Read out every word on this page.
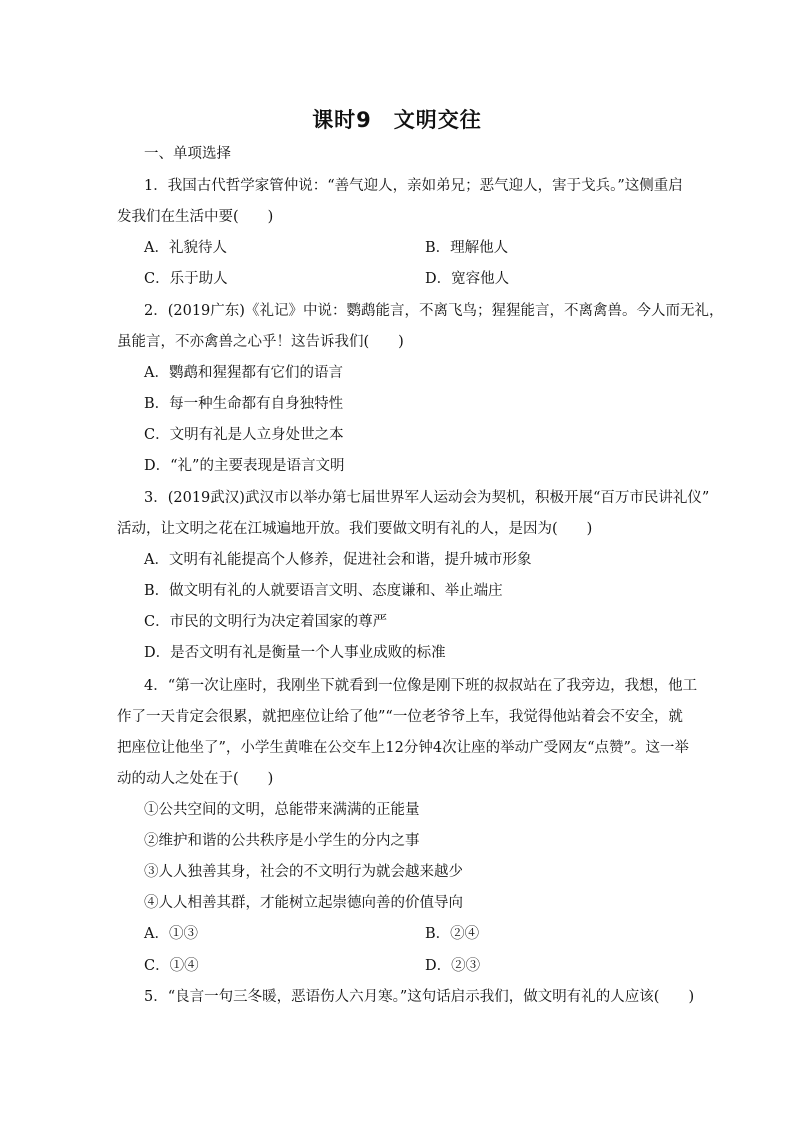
课时9　文明交往
一、单项选择
1．我国古代哲学家管仲说：“善气迎人，亲如弟兄；恶气迎人，害于戈兵。”这侧重启
发我们在生活中要(　　)
A．礼貌待人	B．理解他人
C．乐于助人	D．宽容他人
2．(2019广东)《礼记》中说：鹦鹉能言，不离飞鸟；猩猩能言，不离禽兽。今人而无礼，
虽能言，不亦禽兽之心乎！这告诉我们(　　)
A．鹦鹉和猩猩都有它们的语言
B．每一种生命都有自身独特性
C．文明有礼是人立身处世之本
D．“礼”的主要表现是语言文明
3．(2019武汉)武汉市以举办第七届世界军人运动会为契机，积极开展“百万市民讲礼仪”
活动，让文明之花在江城遍地开放。我们要做文明有礼的人，是因为(　　)
A．文明有礼能提高个人修养，促进社会和谐，提升城市形象
B．做文明有礼的人就要语言文明、态度谦和、举止端庄
C．市民的文明行为决定着国家的尊严
D．是否文明有礼是衡量一个人事业成败的标准
4．“第一次让座时，我刚坐下就看到一位像是刚下班的叔叔站在了我旁边，我想，他工
作了一天肯定会很累，就把座位让给了他”“一位老爷爷上车，我觉得他站着会不安全，就
把座位让他坐了”，小学生黄唯在公交车上12分钟4次让座的举动广受网友“点赞”。这一举
动的动人之处在于(　　)
①公共空间的文明，总能带来满满的正能量
②维护和谐的公共秩序是小学生的分内之事
③人人独善其身，社会的不文明行为就会越来越少
④人人相善其群，才能树立起崇德向善的价值导向
A．①③	B．②④
C．①④	D．②③
5．“良言一句三冬暖，恶语伤人六月寒。”这句话启示我们，做文明有礼的人应该(　　)
